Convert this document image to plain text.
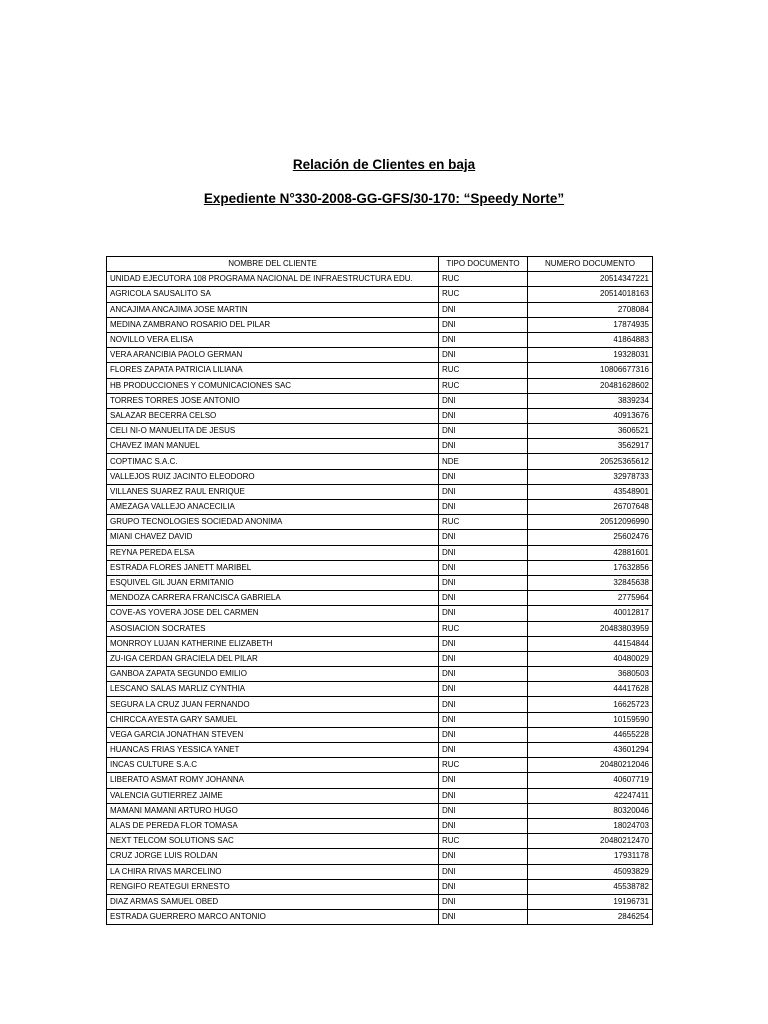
Relación de Clientes en baja
Expediente N°330-2008-GG-GFS/30-170: “Speedy Norte”
NOMBRE DEL CLIENTE	TIPO DOCUMENTO	NUMERO DOCUMENTO
UNIDAD EJECUTORA 108 PROGRAMA NACIONAL DE INFRAESTRUCTURA EDU.	RUC	20514347221
AGRICOLA SAUSALITO SA	RUC	20514018163
ANCAJIMA ANCAJIMA JOSE MARTIN	DNI	2708084
MEDINA ZAMBRANO ROSARIO DEL PILAR	DNI	17874935
NOVILLO VERA ELISA	DNI	41864883
VERA ARANCIBIA PAOLO GERMAN	DNI	19328031
FLORES ZAPATA PATRICIA LILIANA	RUC	10806677316
HB PRODUCCIONES Y COMUNICACIONES SAC	RUC	20481628602
TORRES TORRES JOSE ANTONIO	DNI	3839234
SALAZAR BECERRA CELSO	DNI	40913676
CELI NI-O MANUELITA DE JESUS	DNI	3606521
CHAVEZ IMAN MANUEL	DNI	3562917
COPTIMAC S.A.C.	NDE	20525365612
VALLEJOS RUIZ JACINTO ELEODORO	DNI	32978733
VILLANES SUAREZ RAUL ENRIQUE	DNI	43548901
AMEZAGA VALLEJO ANACECILIA	DNI	26707648
GRUPO TECNOLOGIES SOCIEDAD ANONIMA	RUC	20512096990
MIANI CHAVEZ DAVID	DNI	25602476
REYNA PEREDA ELSA	DNI	42881601
ESTRADA FLORES JANETT MARIBEL	DNI	17632856
ESQUIVEL GIL JUAN ERMITANIO	DNI	32845638
MENDOZA CARRERA FRANCISCA GABRIELA	DNI	2775964
COVE-AS YOVERA JOSE DEL CARMEN	DNI	40012817
ASOSIACION SOCRATES	RUC	20483803959
MONRROY LUJAN KATHERINE ELIZABETH	DNI	44154844
ZU-IGA CERDAN GRACIELA DEL PILAR	DNI	40480029
GANBOA ZAPATA SEGUNDO EMILIO	DNI	3680503
LESCANO SALAS MARLIZ CYNTHIA	DNI	44417628
SEGURA LA CRUZ JUAN FERNANDO	DNI	16625723
CHIRCCA AYESTA GARY SAMUEL	DNI	10159590
VEGA GARCIA JONATHAN STEVEN	DNI	44655228
HUANCAS FRIAS YESSICA YANET	DNI	43601294
INCAS CULTURE S.A.C	RUC	20480212046
LIBERATO ASMAT ROMY JOHANNA	DNI	40607719
VALENCIA GUTIERREZ JAIME	DNI	42247411
MAMANI MAMANI ARTURO HUGO	DNI	80320046
ALAS DE PEREDA FLOR TOMASA	DNI	18024703
NEXT TELCOM SOLUTIONS SAC	RUC	20480212470
CRUZ JORGE LUIS ROLDAN	DNI	17931178
LA CHIRA RIVAS MARCELINO	DNI	45093829
RENGIFO REATEGUI ERNESTO	DNI	45538782
DIAZ ARMAS SAMUEL OBED	DNI	19196731
ESTRADA GUERRERO MARCO ANTONIO	DNI	2846254
